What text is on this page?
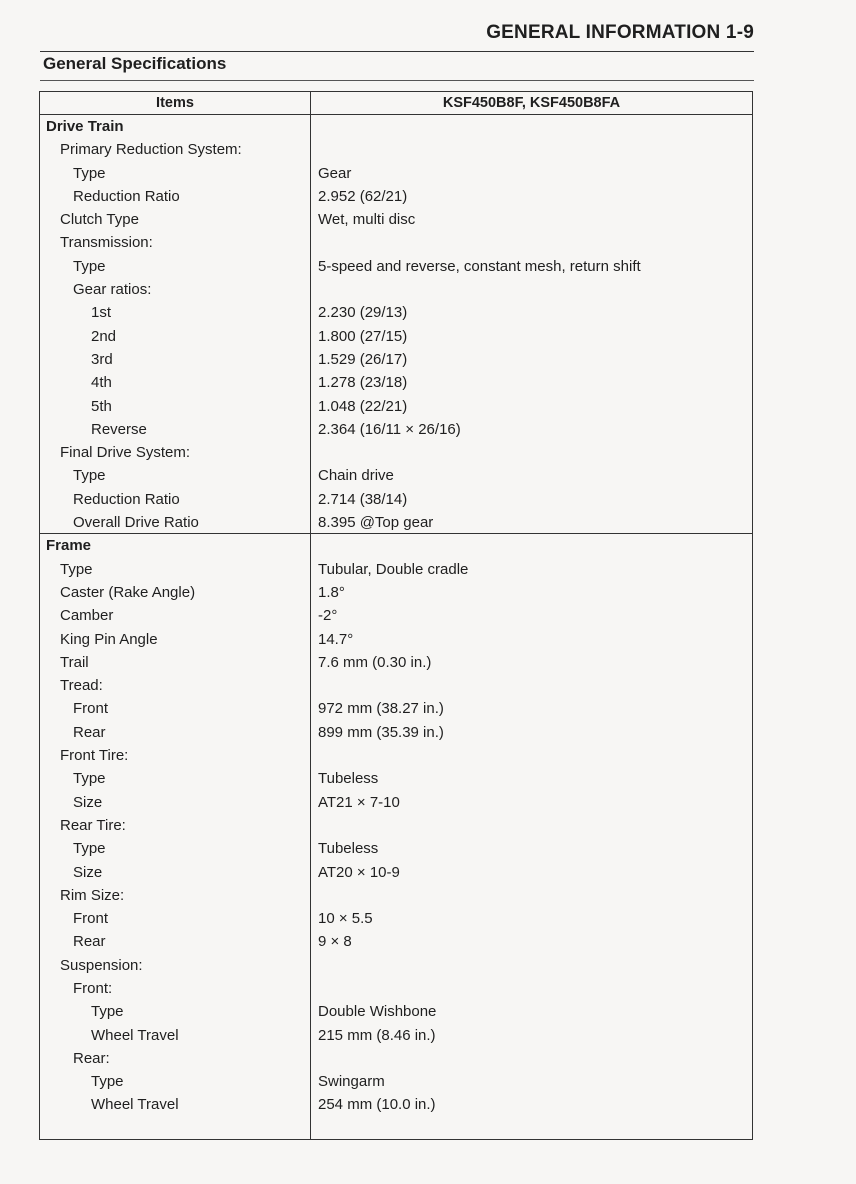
GENERAL INFORMATION 1-9
General Specifications
Items	KSF450B8F, KSF450B8FA
Drive Train
Primary Reduction System:
Type	Gear
Reduction Ratio	2.952 (62/21)
Clutch Type	Wet, multi disc
Transmission:
Type	5-speed and reverse, constant mesh, return shift
Gear ratios:
1st	2.230 (29/13)
2nd	1.800 (27/15)
3rd	1.529 (26/17)
4th	1.278 (23/18)
5th	1.048 (22/21)
Reverse	2.364 (16/11 × 26/16)
Final Drive System:
Type	Chain drive
Reduction Ratio	2.714 (38/14)
Overall Drive Ratio	8.395 @Top gear
Frame
Type	Tubular, Double cradle
Caster (Rake Angle)	1.8°
Camber	-2°
King Pin Angle	14.7°
Trail	7.6 mm (0.30 in.)
Tread:
Front	972 mm (38.27 in.)
Rear	899 mm (35.39 in.)
Front Tire:
Type	Tubeless
Size	AT21 × 7-10
Rear Tire:
Type	Tubeless
Size	AT20 × 10-9
Rim Size:
Front	10 × 5.5
Rear	9 × 8
Suspension:
Front:
Type	Double Wishbone
Wheel Travel	215 mm (8.46 in.)
Rear:
Type	Swingarm
Wheel Travel	254 mm (10.0 in.)
